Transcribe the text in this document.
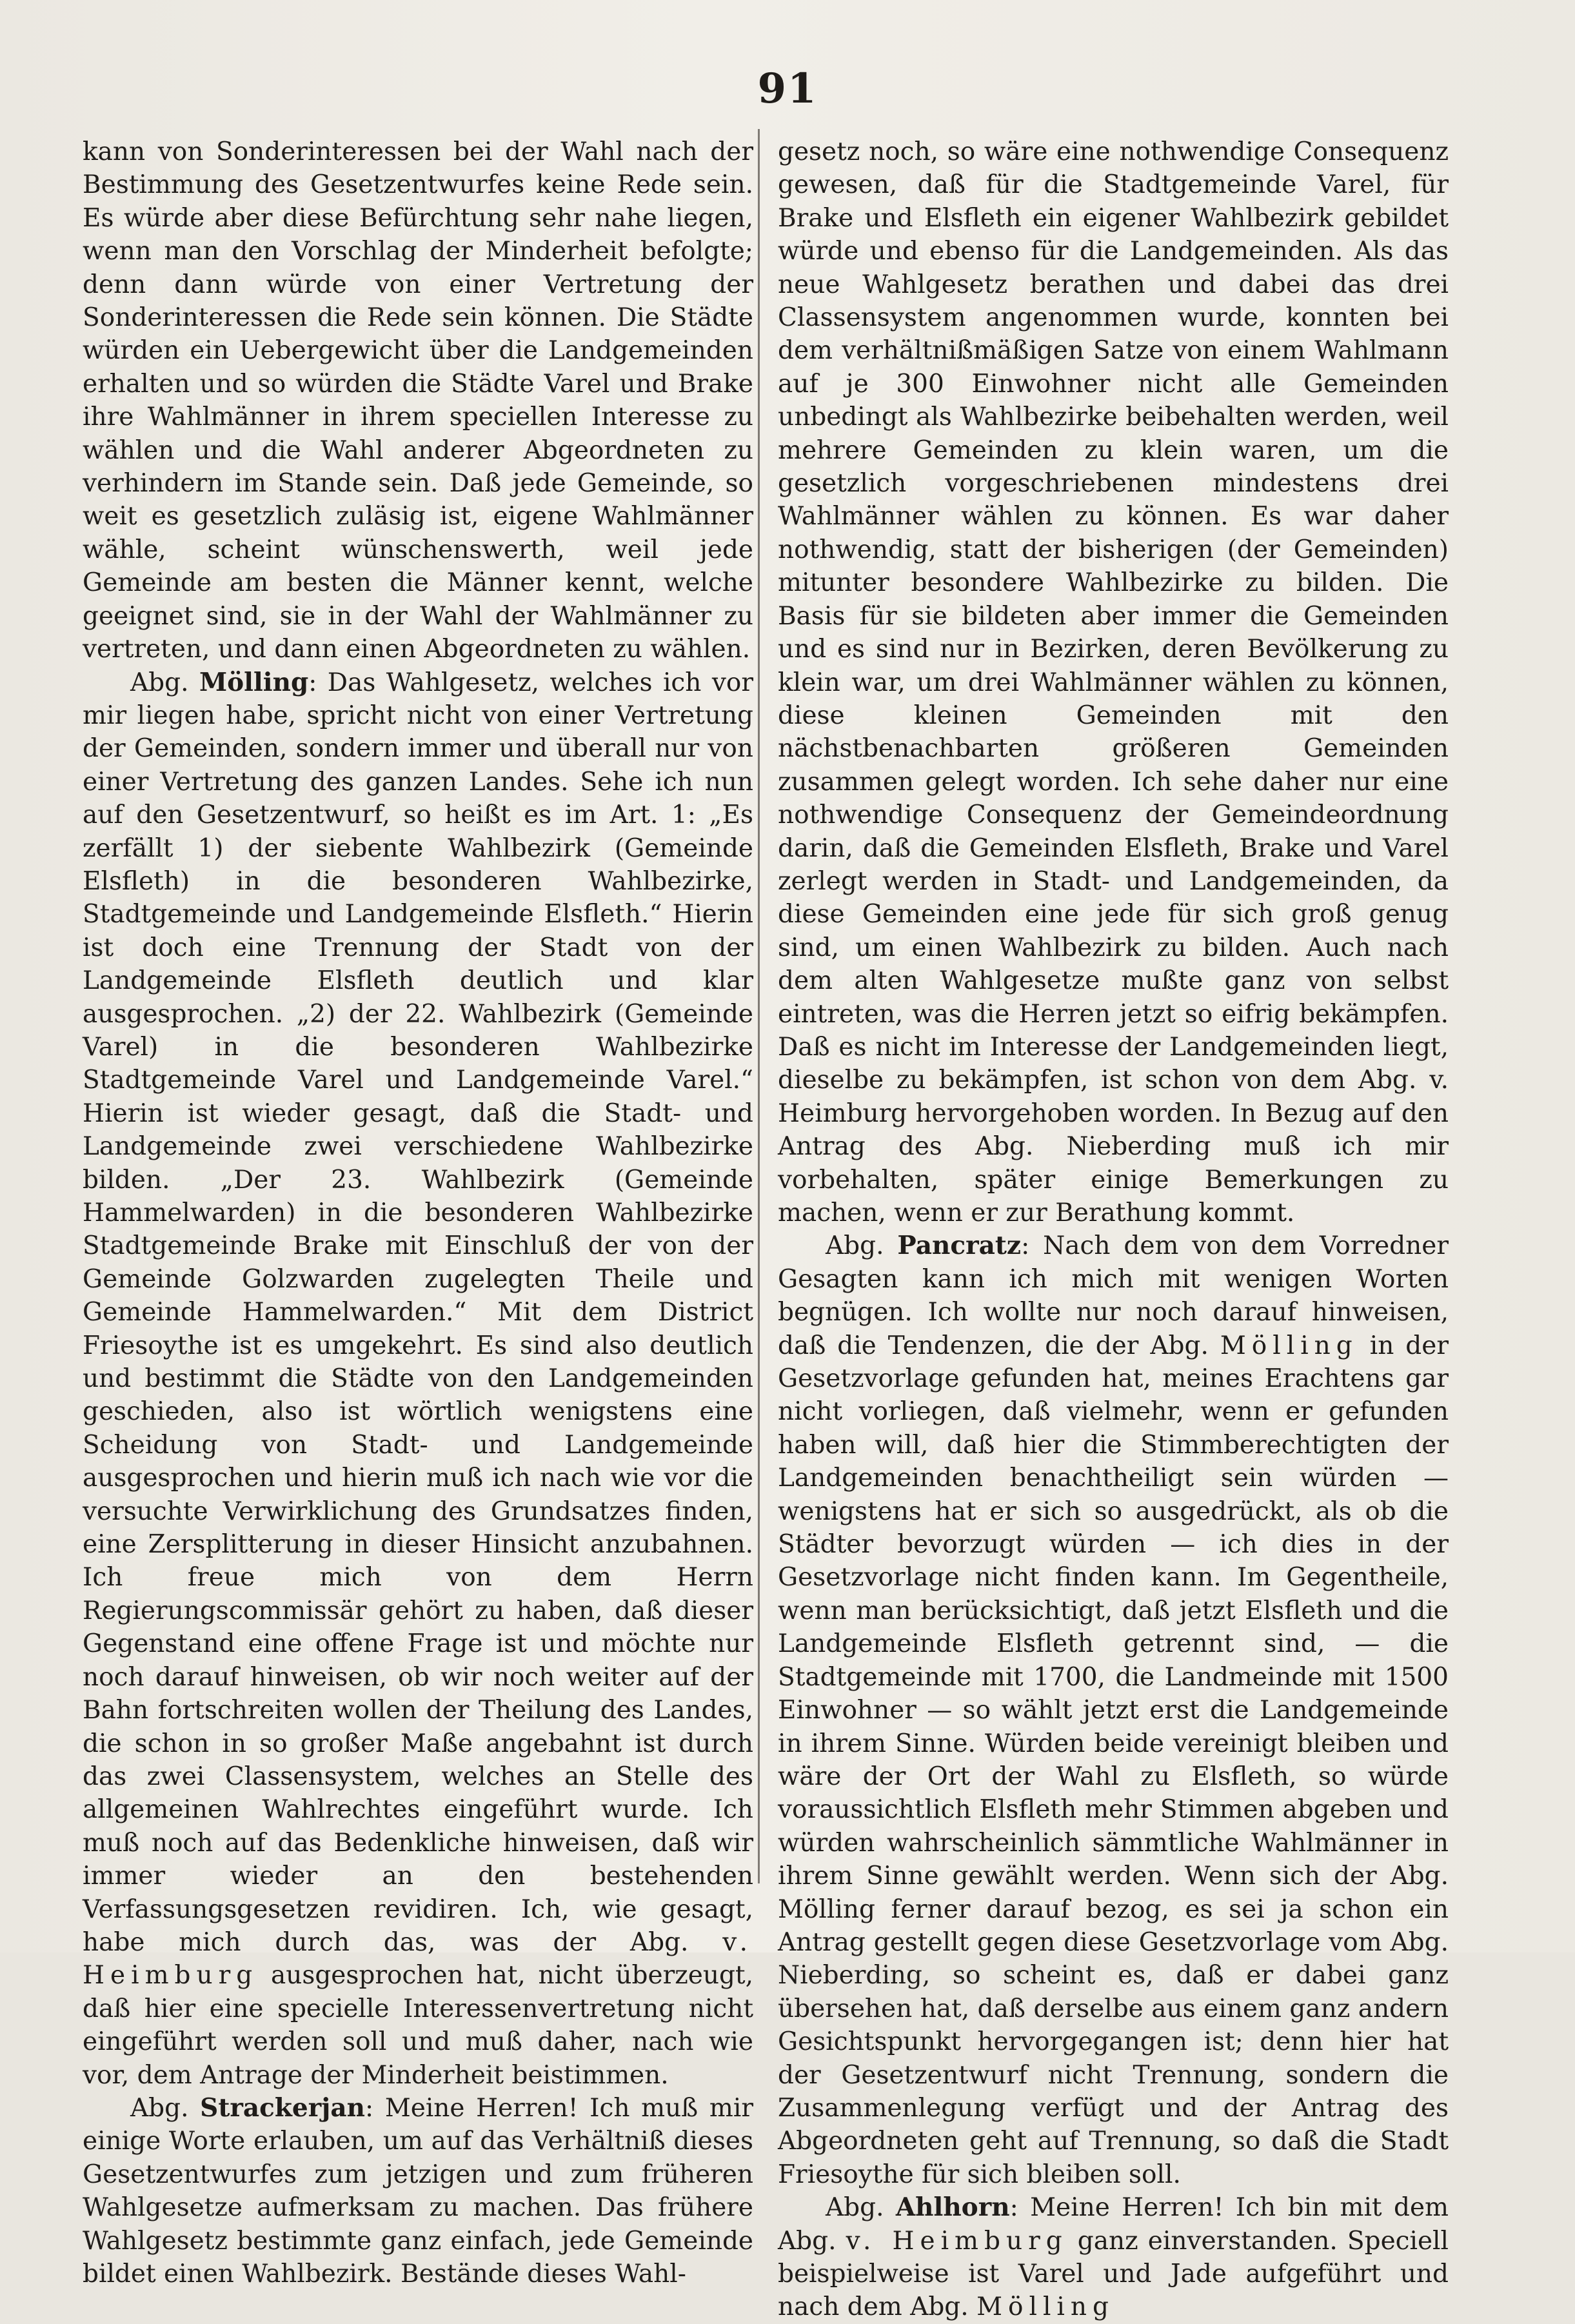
91

kann von Sonderinteressen bei der Wahl nach der Bestimmung des Gesetzentwurfes keine Rede sein. Es würde aber diese Befürchtung sehr nahe liegen, wenn man den Vorschlag der Minderheit befolgte; denn dann würde von einer Vertretung der Sonderinteressen die Rede sein können. Die Städte würden ein Uebergewicht über die Landgemeinden erhalten und so würden die Städte Varel und Brake ihre Wahlmänner in ihrem speciellen Interesse zu wählen und die Wahl anderer Abgeordneten zu verhindern im Stande sein. Daß jede Gemeinde, so weit es gesetzlich zuläsig ist, eigene Wahlmänner wähle, scheint wünschenswerth, weil jede Gemeinde am besten die Männer kennt, welche geeignet sind, sie in der Wahl der Wahlmänner zu vertreten, und dann einen Abgeordneten zu wählen.

Abg. Mölling: Das Wahlgesetz, welches ich vor mir liegen habe, spricht nicht von einer Vertretung der Gemeinden, sondern immer und überall nur von einer Vertretung des ganzen Landes. Sehe ich nun auf den Gesetzentwurf, so heißt es im Art. 1: „Es zerfällt 1) der siebente Wahlbezirk (Gemeinde Elsfleth) in die besonderen Wahlbezirke, Stadtgemeinde und Landgemeinde Elsfleth.“ Hierin ist doch eine Trennung der Stadt von der Landgemeinde Elsfleth deutlich und klar ausgesprochen. „2) der 22. Wahlbezirk (Gemeinde Varel) in die besonderen Wahlbezirke Stadtgemeinde Varel und Landgemeinde Varel.“ Hierin ist wieder gesagt, daß die Stadt- und Landgemeinde zwei verschiedene Wahlbezirke bilden. „Der 23. Wahlbezirk (Gemeinde Hammelwarden) in die besonderen Wahlbezirke Stadtgemeinde Brake mit Einschluß der von der Gemeinde Golzwarden zugelegten Theile und Gemeinde Hammelwarden.“ Mit dem District Friesoythe ist es umgekehrt. Es sind also deutlich und bestimmt die Städte von den Landgemeinden geschieden, also ist wörtlich wenigstens eine Scheidung von Stadt- und Landgemeinde ausgesprochen und hierin muß ich nach wie vor die versuchte Verwirklichung des Grundsatzes finden, eine Zersplitterung in dieser Hinsicht anzubahnen. Ich freue mich von dem Herrn Regierungscommissär gehört zu haben, daß dieser Gegenstand eine offene Frage ist und möchte nur noch darauf hinweisen, ob wir noch weiter auf der Bahn fortschreiten wollen der Theilung des Landes, die schon in so großer Maße angebahnt ist durch das zwei Classensystem, welches an Stelle des allgemeinen Wahlrechtes eingeführt wurde. Ich muß noch auf das Bedenkliche hinweisen, daß wir immer wieder an den bestehenden Verfassungsgesetzen revidiren. Ich, wie gesagt, habe mich durch das, was der Abg. v. Heimburg ausgesprochen hat, nicht überzeugt, daß hier eine specielle Interessenvertretung nicht eingeführt werden soll und muß daher, nach wie vor, dem Antrage der Minderheit beistimmen.

Abg. Strackerjan: Meine Herren! Ich muß mir einige Worte erlauben, um auf das Verhältniß dieses Gesetzentwurfes zum jetzigen und zum früheren Wahlgesetze aufmerksam zu machen. Das frühere Wahlgesetz bestimmte ganz einfach, jede Gemeinde bildet einen Wahlbezirk. Bestände dieses Wahl-

gesetz noch, so wäre eine nothwendige Consequenz gewesen, daß für die Stadtgemeinde Varel, für Brake und Elsfleth ein eigener Wahlbezirk gebildet würde und ebenso für die Landgemeinden. Als das neue Wahlgesetz berathen und dabei das drei Classensystem angenommen wurde, konnten bei dem verhältnißmäßigen Satze von einem Wahlmann auf je 300 Einwohner nicht alle Gemeinden unbedingt als Wahlbezirke beibehalten werden, weil mehrere Gemeinden zu klein waren, um die gesetzlich vorgeschriebenen mindestens drei Wahlmänner wählen zu können. Es war daher nothwendig, statt der bisherigen (der Gemeinden) mitunter besondere Wahlbezirke zu bilden. Die Basis für sie bildeten aber immer die Gemeinden und es sind nur in Bezirken, deren Bevölkerung zu klein war, um drei Wahlmänner wählen zu können, diese kleinen Gemeinden mit den nächstbenachbarten größeren Gemeinden zusammen gelegt worden. Ich sehe daher nur eine nothwendige Consequenz der Gemeindeordnung darin, daß die Gemeinden Elsfleth, Brake und Varel zerlegt werden in Stadt- und Landgemeinden, da diese Gemeinden eine jede für sich groß genug sind, um einen Wahlbezirk zu bilden. Auch nach dem alten Wahlgesetze mußte ganz von selbst eintreten, was die Herren jetzt so eifrig bekämpfen. Daß es nicht im Interesse der Landgemeinden liegt, dieselbe zu bekämpfen, ist schon von dem Abg. v. Heimburg hervorgehoben worden. In Bezug auf den Antrag des Abg. Nieberding muß ich mir vorbehalten, später einige Bemerkungen zu machen, wenn er zur Berathung kommt.

Abg. Pancratz: Nach dem von dem Vorredner Gesagten kann ich mich mit wenigen Worten begnügen. Ich wollte nur noch darauf hinweisen, daß die Tendenzen, die der Abg. Mölling in der Gesetzvorlage gefunden hat, meines Erachtens gar nicht vorliegen, daß vielmehr, wenn er gefunden haben will, daß hier die Stimmberechtigten der Landgemeinden benachtheiligt sein würden — wenigstens hat er sich so ausgedrückt, als ob die Städter bevorzugt würden — ich dies in der Gesetzvorlage nicht finden kann. Im Gegentheile, wenn man berücksichtigt, daß jetzt Elsfleth und die Landgemeinde Elsfleth getrennt sind, — die Stadtgemeinde mit 1700, die Landmeinde mit 1500 Einwohner — so wählt jetzt erst die Landgemeinde in ihrem Sinne. Würden beide vereinigt bleiben und wäre der Ort der Wahl zu Elsfleth, so würde voraussichtlich Elsfleth mehr Stimmen abgeben und würden wahrscheinlich sämmtliche Wahlmänner in ihrem Sinne gewählt werden. Wenn sich der Abg. Mölling ferner darauf bezog, es sei ja schon ein Antrag gestellt gegen diese Gesetzvorlage vom Abg. Nieberding, so scheint es, daß er dabei ganz übersehen hat, daß derselbe aus einem ganz andern Gesichtspunkt hervorgegangen ist; denn hier hat der Gesetzentwurf nicht Trennung, sondern die Zusammenlegung verfügt und der Antrag des Abgeordneten geht auf Trennung, so daß die Stadt Friesoythe für sich bleiben soll.

Abg. Ahlhorn: Meine Herren! Ich bin mit dem Abg. v. Heimburg ganz einverstanden. Speciell beispielweise ist Varel und Jade aufgeführt und nach dem Abg. Mölling
